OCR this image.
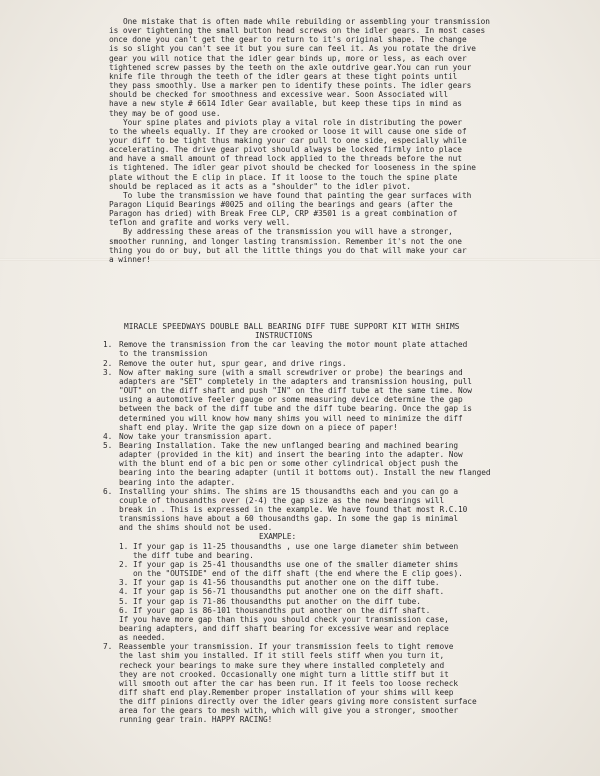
One mistake that is often made while rebuilding or assembling your transmission
is over tightening the small button head screws on the idler gears. In most cases
once done you can't get the gear to return to it's original shape. The change
is so slight you can't see it but you sure can feel it. As you rotate the drive
gear you will notice that the idler gear binds up, more or less, as each over
tightened screw passes by the teeth on the axle outdrive gear.You can run your
knife file through the teeth of the idler gears at these tight points until
they pass smoothly. Use a marker pen to identify these points. The idler gears
should be checked for smoothness and excessive wear. Soon Associated will
have a new style # 6614 Idler Gear available, but keep these tips in mind as
they may be of good use.
Your spine plates and piviots play a vital role in distributing the power
to the wheels equally. If they are crooked or loose it will cause one side of
your diff to be tight thus making your car pull to one side, especially while
accelerating. The drive gear pivot should always be locked firmly into place
and have a small amount of thread lock applied to the threads before the nut
is tightened. The idler gear pivot should be checked for looseness in the spine
plate without the E clip in place. If it loose to the touch the spine plate
should be replaced as it acts as a "shoulder" to the idler pivot.
To lube the transmission we have found that painting the gear surfaces with
Paragon Liquid Bearings #0025 and oiling the bearings and gears (after the
Paragon has dried) with Break Free CLP, CRP #3501 is a great combination of
teflon and grafite and works very well.
By addressing these areas of the transmission you will have a stronger,
smoother running, and longer lasting transmission. Remember it's not the one
thing you do or buy, but all the little things you do that will make your car
a winner!
MIRACLE SPEEDWAYS DOUBLE BALL BEARING DIFF TUBE SUPPORT KIT WITH SHIMS
INSTRUCTIONS
1. Remove the transmission from the car leaving the motor mount plate attached
to the transmission
2. Remove the outer hut, spur gear, and drive rings.
3. Now after making sure (with a small screwdriver or probe) the bearings and
adapters are "SET" completely in the adapters and transmission housing, pull
"OUT" on the diff shaft and push "IN" on the diff tube at the same time. Now
using a automotive feeler gauge or some measuring device determine the gap
between the back of the diff tube and the diff tube bearing. Once the gap is
determined you will know how many shims you will need to minimize the diff
shaft end play. Write the gap size down on a piece of paper!
4. Now take your transmission apart.
5. Bearing Installation. Take the new unflanged bearing and machined bearing
adapter (provided in the kit) and insert the bearing into the adapter. Now
with the blunt end of a bic pen or some other cylindrical object push the
bearing into the bearing adapter (until it bottoms out). Install the new flanged
bearing into the adapter.
6. Installing your shims. The shims are 15 thousandths each and you can go a
couple of thousandths over (2-4) the gap size as the new bearings will
break in . This is expressed in the example. We have found that most R.C.10
transmissions have about a 60 thousandths gap. In some the gap is minimal
and the shims should not be used.
EXAMPLE:
1. If your gap is 11-25 thousandths , use one large diameter shim between
the diff tube and bearing.
2. If your gap is 25-41 thousandths use one of the smaller diameter shims
on the "OUTSIDE" end of the diff shaft (the end where the E clip goes).
3. If your gap is 41-56 thousandths put another one on the diff tube.
4. If your gap is 56-71 thousandths put another one on the diff shaft.
5. If your gap is 71-86 thousandths put another on the diff tube.
6. If your gap is 86-101 thousandths put another on the diff shaft.
If you have more gap than this you should check your transmission case,
bearing adapters, and diff shaft bearing for excessive wear and replace
as needed.
7. Reassemble your transmission. If your transmission feels to tight remove
the last shim you installed. If it still feels stiff when you turn it,
recheck your bearings to make sure they where installed completely and
they are not crooked. Occasionally one might turn a little stiff but it
will smooth out after the car has been run. If it feels too loose recheck
diff shaft end play.Remember proper installation of your shims will keep
the diff pinions directly over the idler gears giving more consistent surface
area for the gears to mesh with, which will give you a stronger, smoother
running gear train. HAPPY RACING!
